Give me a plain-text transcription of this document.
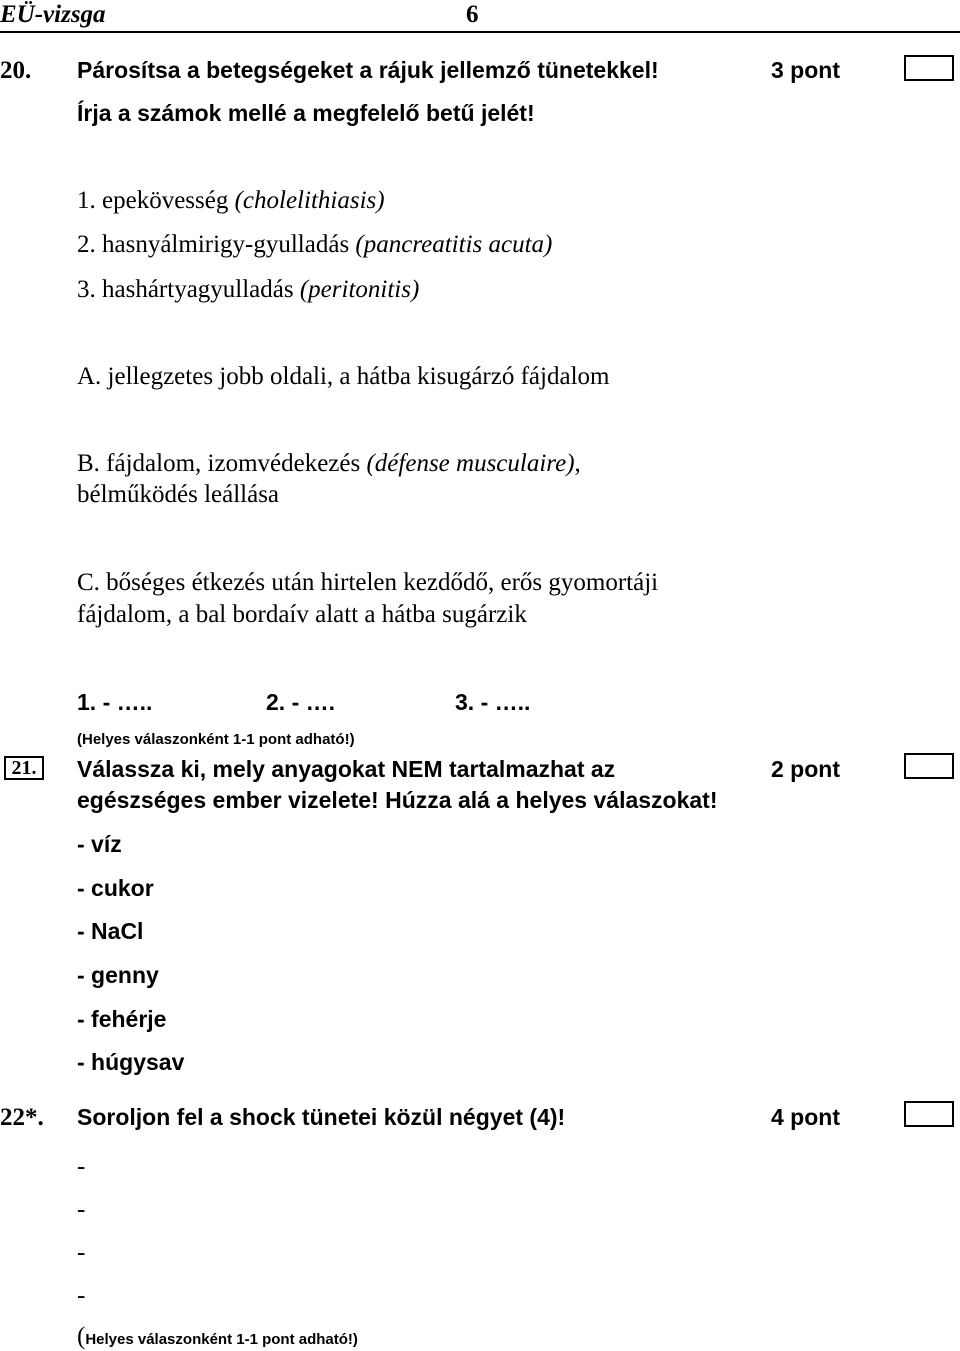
EÜ-vizsga	6
20. Párosítsa a betegségeket a rájuk jellemző tünetekkel!	3 pont
Írja a számok mellé a megfelelő betű jelét!
1. epekövesség (cholelithiasis)
2. hasnyálmirigy-gyulladás (pancreatitis acuta)
3. hashártyagyulladás (peritonitis)
A. jellegzetes jobb oldali, a hátba kisugárzó fájdalom
B. fájdalom, izomvédekezés (défense musculaire),
bélműködés leállása
C. bőséges étkezés után hirtelen kezdődő, erős gyomortáji
fájdalom, a bal bordaív alatt a hátba sugárzik
1. - …..	2. - ….	3. - …..
(Helyes válaszonként 1-1 pont adható!)
21.	Válassza ki, mely anyagokat NEM tartalmazhat az	2 pont
egészséges ember vizelete! Húzza alá a helyes válaszokat!
- víz
- cukor
- NaCl
- genny
- fehérje
- húgysav
22*. Soroljon fel a shock tünetei közül négyet (4)!	4 pont
-
-
-
-
(Helyes válaszonként 1-1 pont adható!)
